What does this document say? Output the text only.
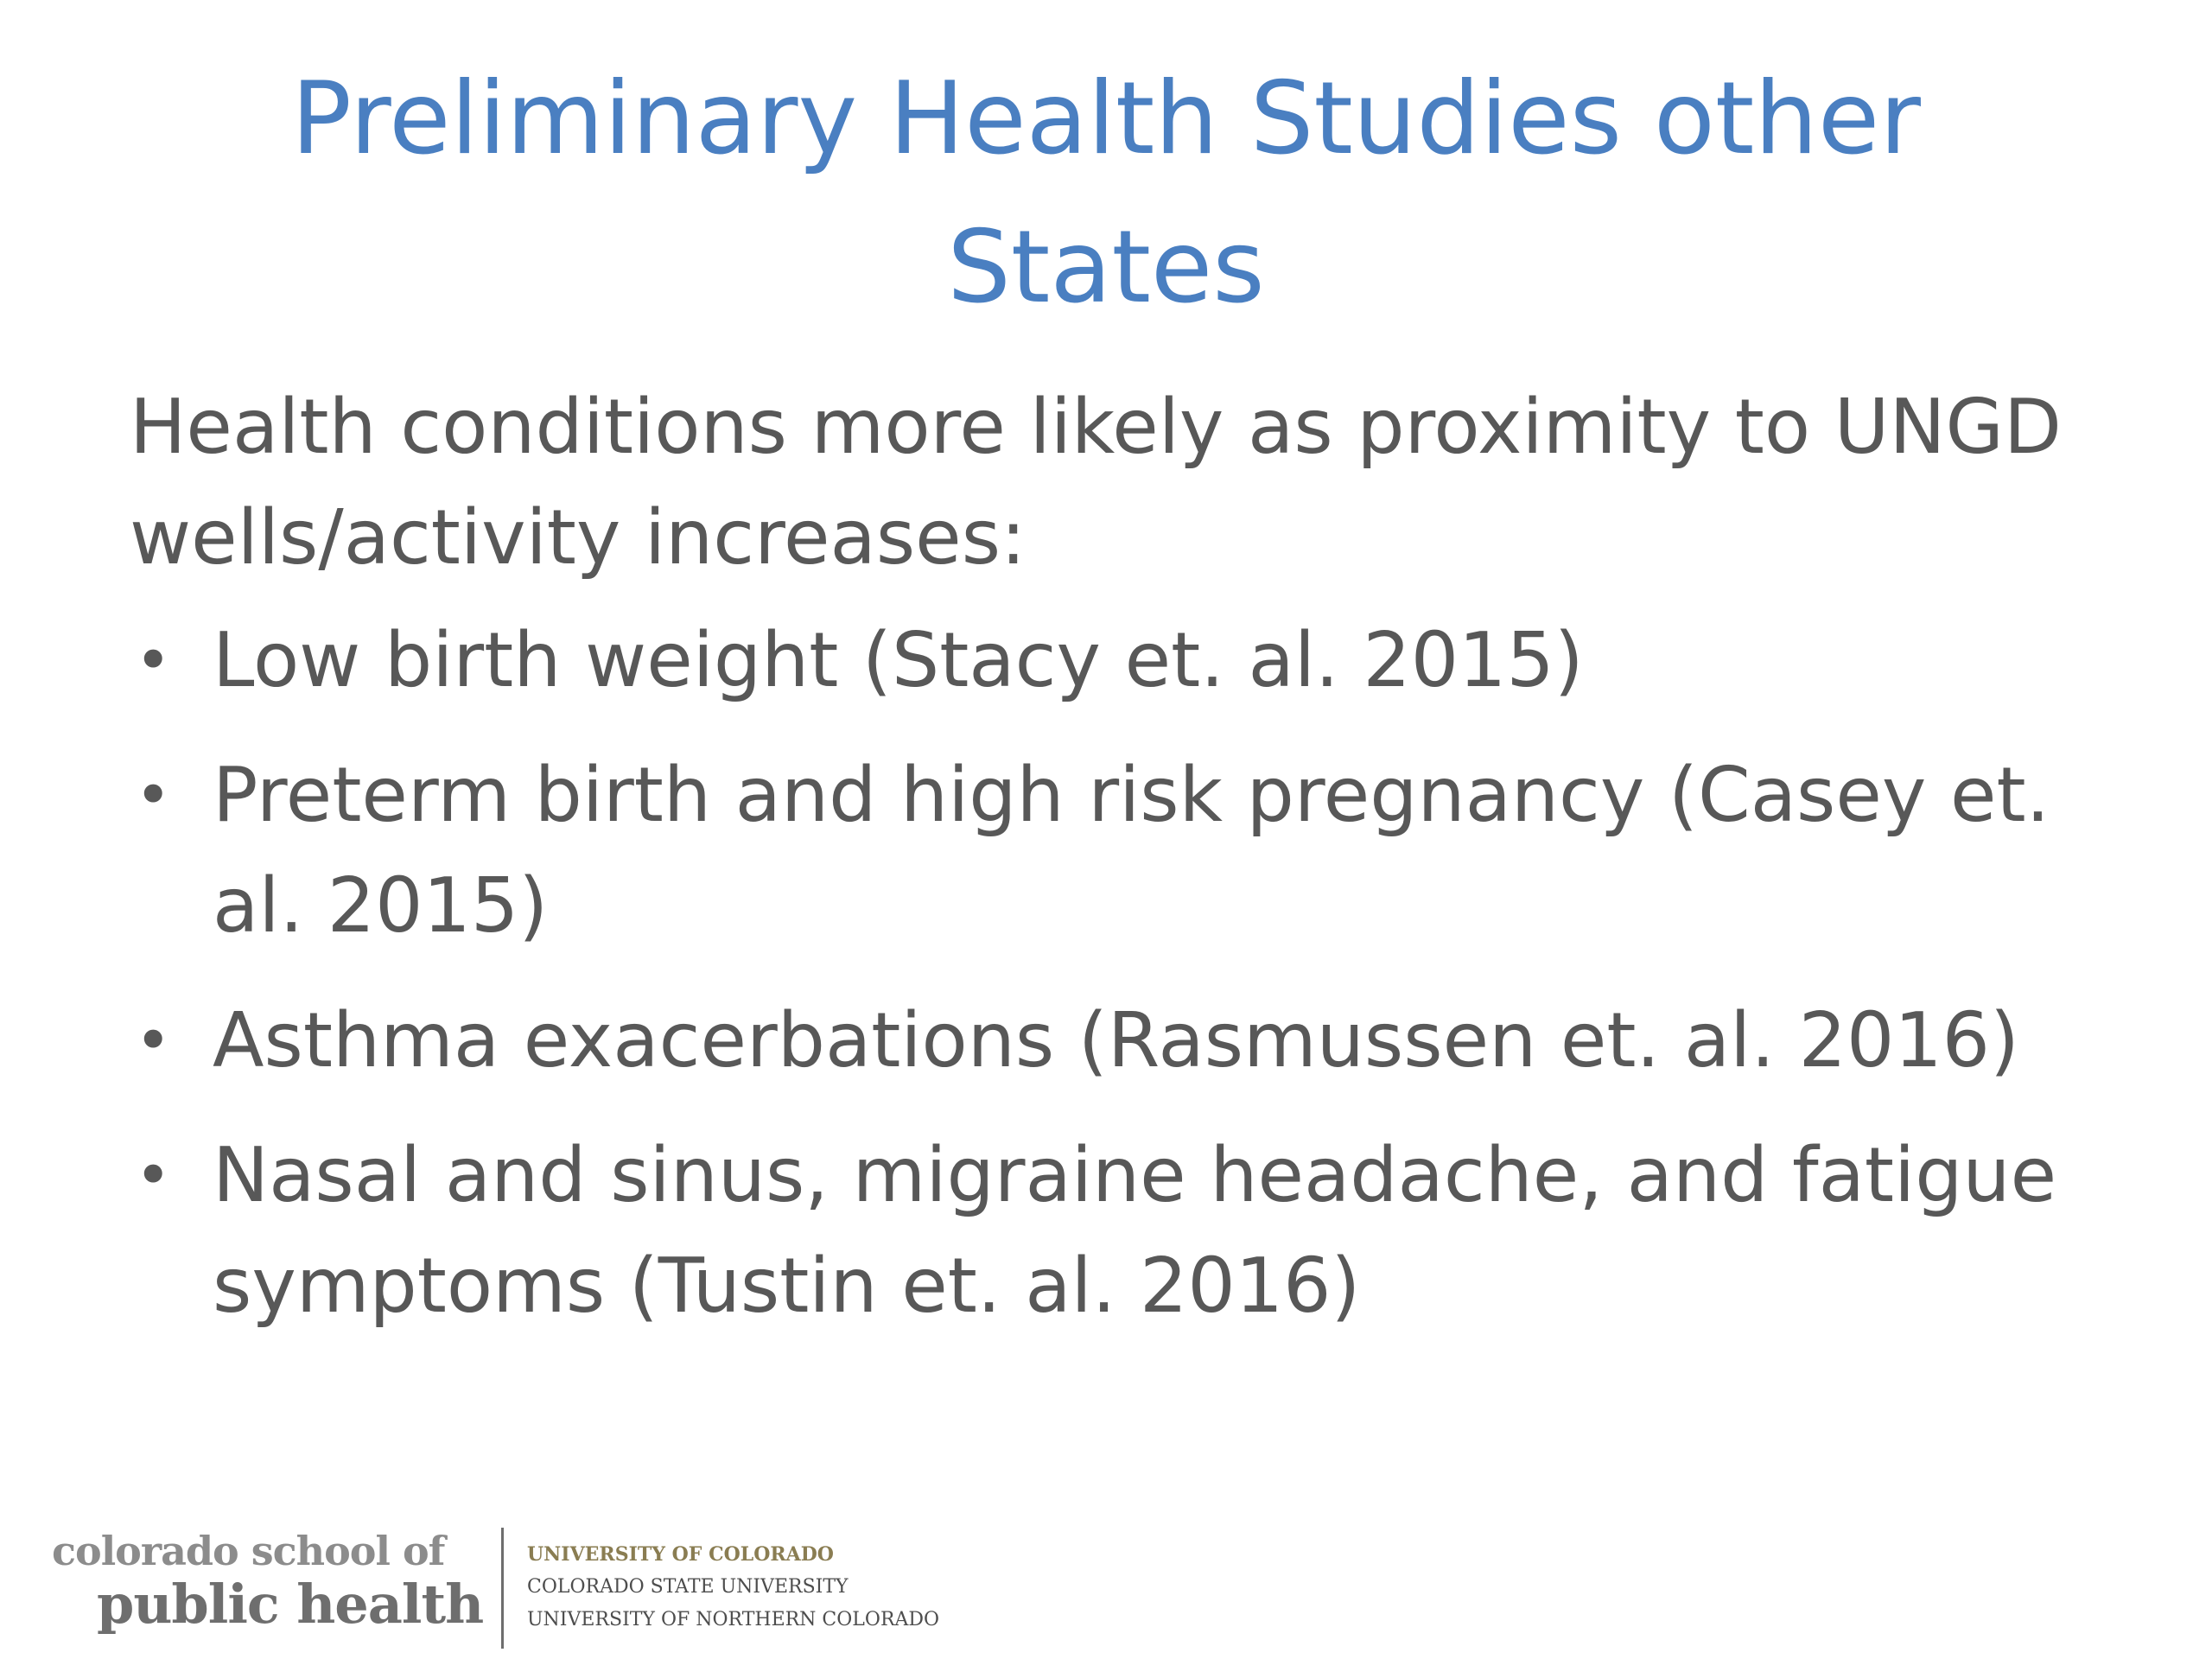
Preliminary Health Studies other
States

Health conditions more likely as proximity to UNGD wells/activity increases:

• Low birth weight (Stacy et. al. 2015)
• Preterm birth and high risk pregnancy (Casey et. al. 2015)
• Asthma exacerbations (Rasmussen et. al. 2016)
• Nasal and sinus, migraine headache, and fatigue symptoms (Tustin et. al. 2016)
colorado school of
public health
UNIVERSITY OF COLORADO
COLORADO STATE UNIVERSITY
UNIVERSITY OF NORTHERN COLORADO
